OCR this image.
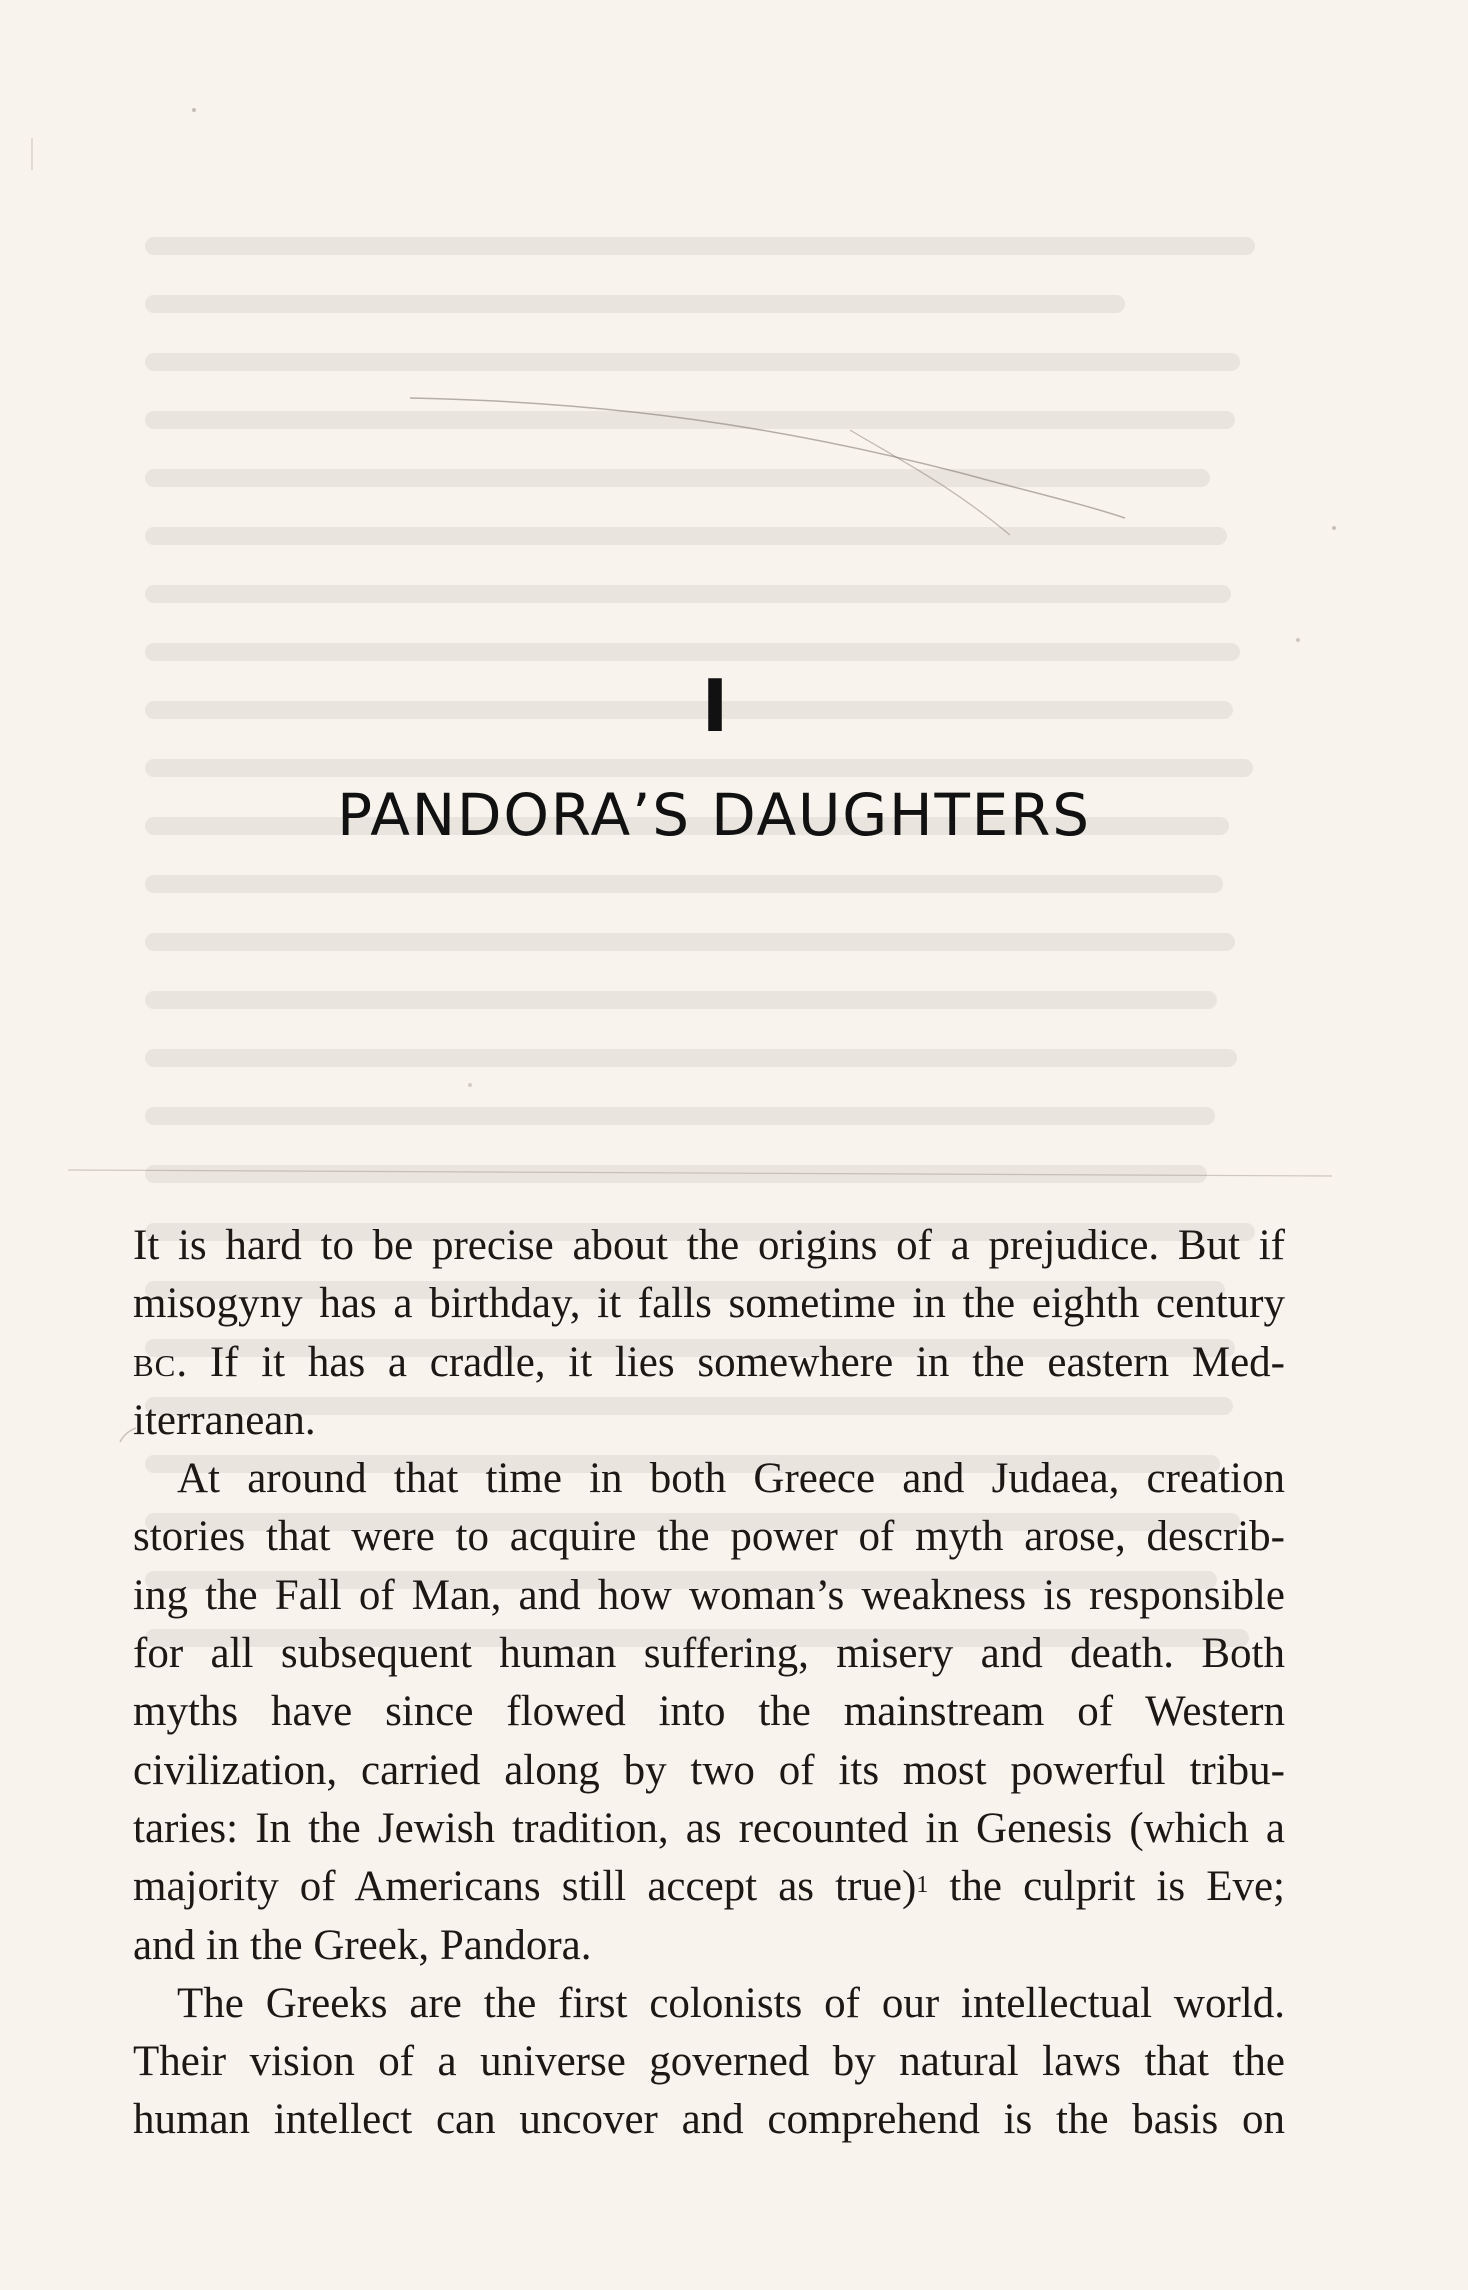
I
PANDORA’S DAUGHTERS
It is hard to be precise about the origins of a prejudice. But if
misogyny has a birthday, it falls sometime in the eighth century
BC. If it has a cradle, it lies somewhere in the eastern Med-
iterranean.
At around that time in both Greece and Judaea, creation
stories that were to acquire the power of myth arose, describ-
ing the Fall of Man, and how woman’s weakness is responsible
for all subsequent human suffering, misery and death. Both
myths have since flowed into the mainstream of Western
civilization, carried along by two of its most powerful tribu-
taries: In the Jewish tradition, as recounted in Genesis (which a
majority of Americans still accept as true)$^1$ the culprit is Eve;
and in the Greek, Pandora.
The Greeks are the first colonists of our intellectual world.
Their vision of a universe governed by natural laws that the
human intellect can uncover and comprehend is the basis on
